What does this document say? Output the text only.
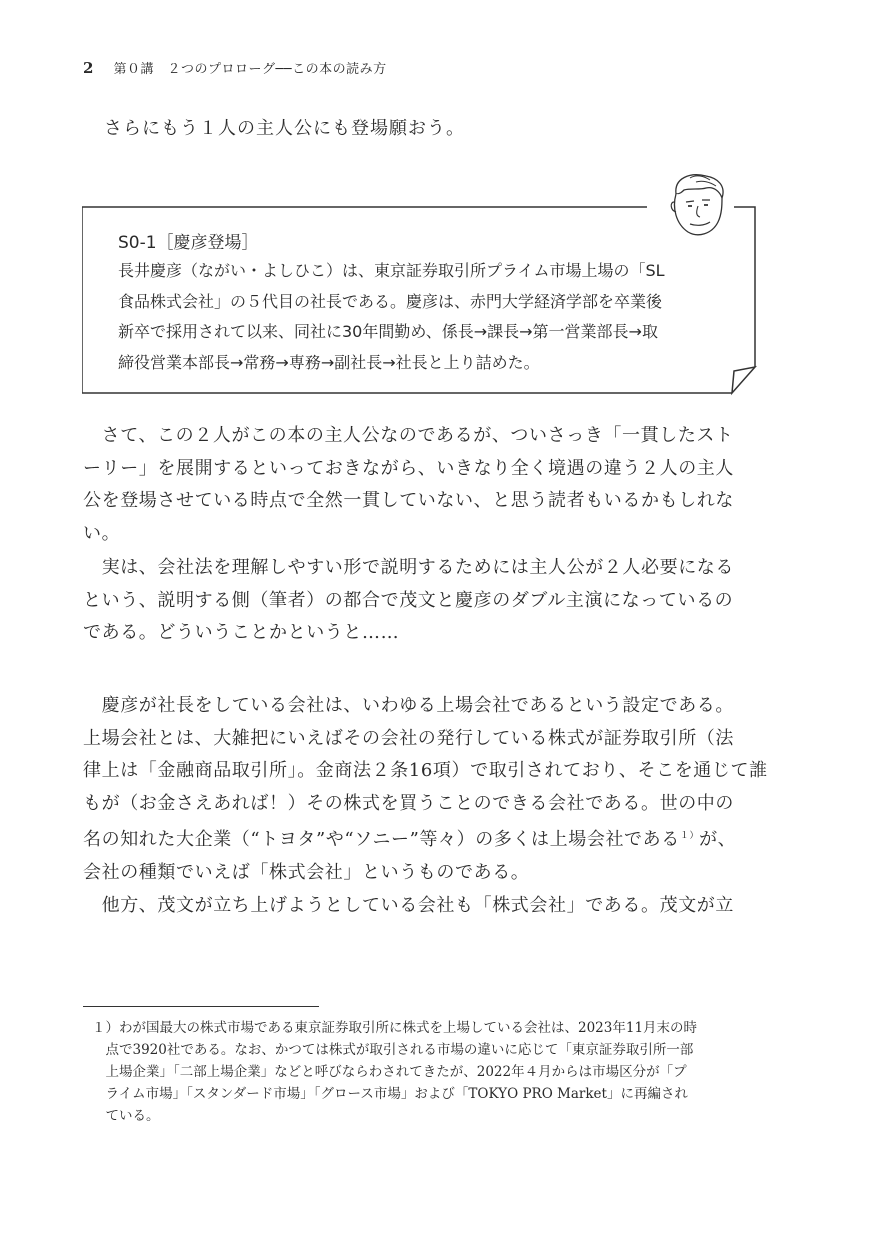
2 第０講　２つのプロローグ──この本の読み方
さらにもう１人の主人公にも登場願おう。
S0-1［慶彦登場］
長井慶彦（ながい・よしひこ）は、東京証券取引所プライム市場上場の「SL
食品株式会社」の５代目の社長である。慶彦は、赤門大学経済学部を卒業後
新卒で採用されて以来、同社に30年間勤め、係長→課長→第一営業部長→取
締役営業本部長→常務→専務→副社長→社長と上り詰めた。
　さて、この２人がこの本の主人公なのであるが、ついさっき「一貫したスト
ーリー」を展開するといっておきながら、いきなり全く境遇の違う２人の主人
公を登場させている時点で全然一貫していない、と思う読者もいるかもしれな
い。
　実は、会社法を理解しやすい形で説明するためには主人公が２人必要になる
という、説明する側（筆者）の都合で茂文と慶彦のダブル主演になっているの
である。どういうことかというと……
　慶彦が社長をしている会社は、いわゆる上場会社であるという設定である。
上場会社とは、大雑把にいえばその会社の発行している株式が証券取引所（法
律上は「金融商品取引所」。金商法２条16項）で取引されており、そこを通じて誰
もが（お金さえあれば！）その株式を買うことのできる会社である。世の中の
名の知れた大企業（“トヨタ”や“ソニー”等々）の多くは上場会社である$^{1)}$が、
会社の種類でいえば「株式会社」というものである。
　他方、茂文が立ち上げようとしている会社も「株式会社」である。茂文が立
１）わが国最大の株式市場である東京証券取引所に株式を上場している会社は、2023年11月末の時
　点で3920社である。なお、かつては株式が取引される市場の違いに応じて「東京証券取引所一部
　上場企業」「二部上場企業」などと呼びならわされてきたが、2022年４月からは市場区分が「プ
　ライム市場」「スタンダード市場」「グロース市場」および「TOKYO PRO Market」に再編され
　ている。
